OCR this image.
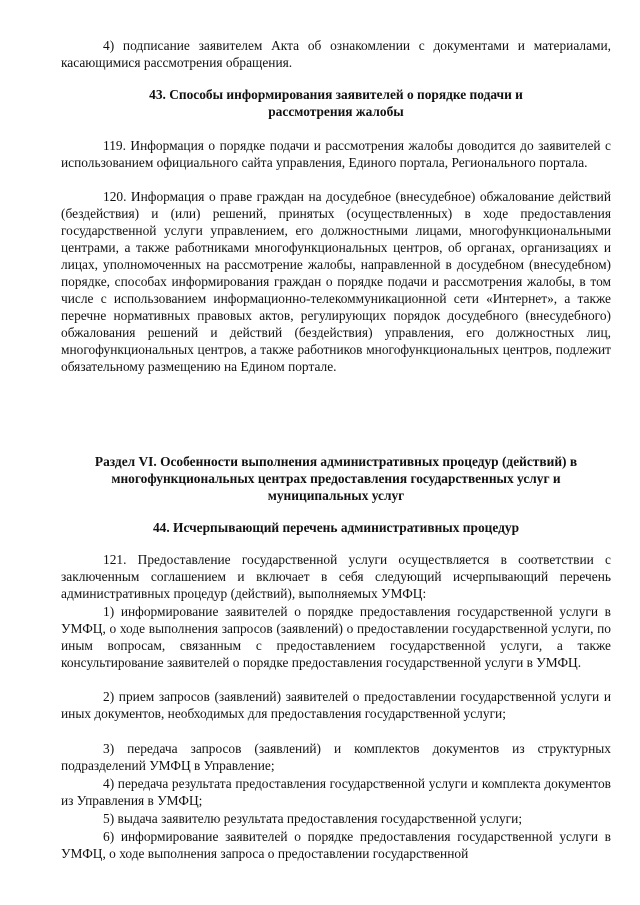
4) подписание заявителем Акта об ознакомлении с документами и материалами, касающимися рассмотрения обращения.

43. Способы информирования заявителей о порядке подачи и рассмотрения жалобы

119. Информация о порядке подачи и рассмотрения жалобы доводится до заявителей с использованием официального сайта управления, Единого портала, Регионального портала.

120. Информация о праве граждан на досудебное (внесудебное) обжалование действий (бездействия) и (или) решений, принятых (осуществленных) в ходе предоставления государственной услуги управлением, его должностными лицами, многофункциональными центрами, а также работниками многофункциональных центров, об органах, организациях и лицах, уполномоченных на рассмотрение жалобы, направленной в досудебном (внесудебном) порядке, способах информирования граждан о порядке подачи и рассмотрения жалобы, в том числе с использованием информационно-телекоммуникационной сети «Интернет», а также перечне нормативных правовых актов, регулирующих порядок досудебного (внесудебного) обжалования решений и действий (бездействия) управления, его должностных лиц, многофункциональных центров, а также работников многофункциональных центров, подлежит обязательному размещению на Едином портале.

Раздел VI. Особенности выполнения административных процедур (действий) в многофункциональных центрах предоставления государственных услуг и муниципальных услуг

44. Исчерпывающий перечень административных процедур

121. Предоставление государственной услуги осуществляется в соответствии с заключенным соглашением и включает в себя следующий исчерпывающий перечень административных процедур (действий), выполняемых УМФЦ:

1) информирование заявителей о порядке предоставления государственной услуги в УМФЦ, о ходе выполнения запросов (заявлений) о предоставлении государственной услуги, по иным вопросам, связанным с предоставлением государственной услуги, а также консультирование заявителей о порядке предоставления государственной услуги в УМФЦ.

2) прием запросов (заявлений) заявителей о предоставлении государственной услуги и иных документов, необходимых для предоставления государственной услуги;

3) передача запросов (заявлений) и комплектов документов из структурных подразделений УМФЦ в Управление;

4) передача результата предоставления государственной услуги и комплекта документов из Управления в УМФЦ;

5) выдача заявителю результата предоставления государственной услуги;

6) информирование заявителей о порядке предоставления государственной услуги в УМФЦ, о ходе выполнения запроса о предоставлении государственной
